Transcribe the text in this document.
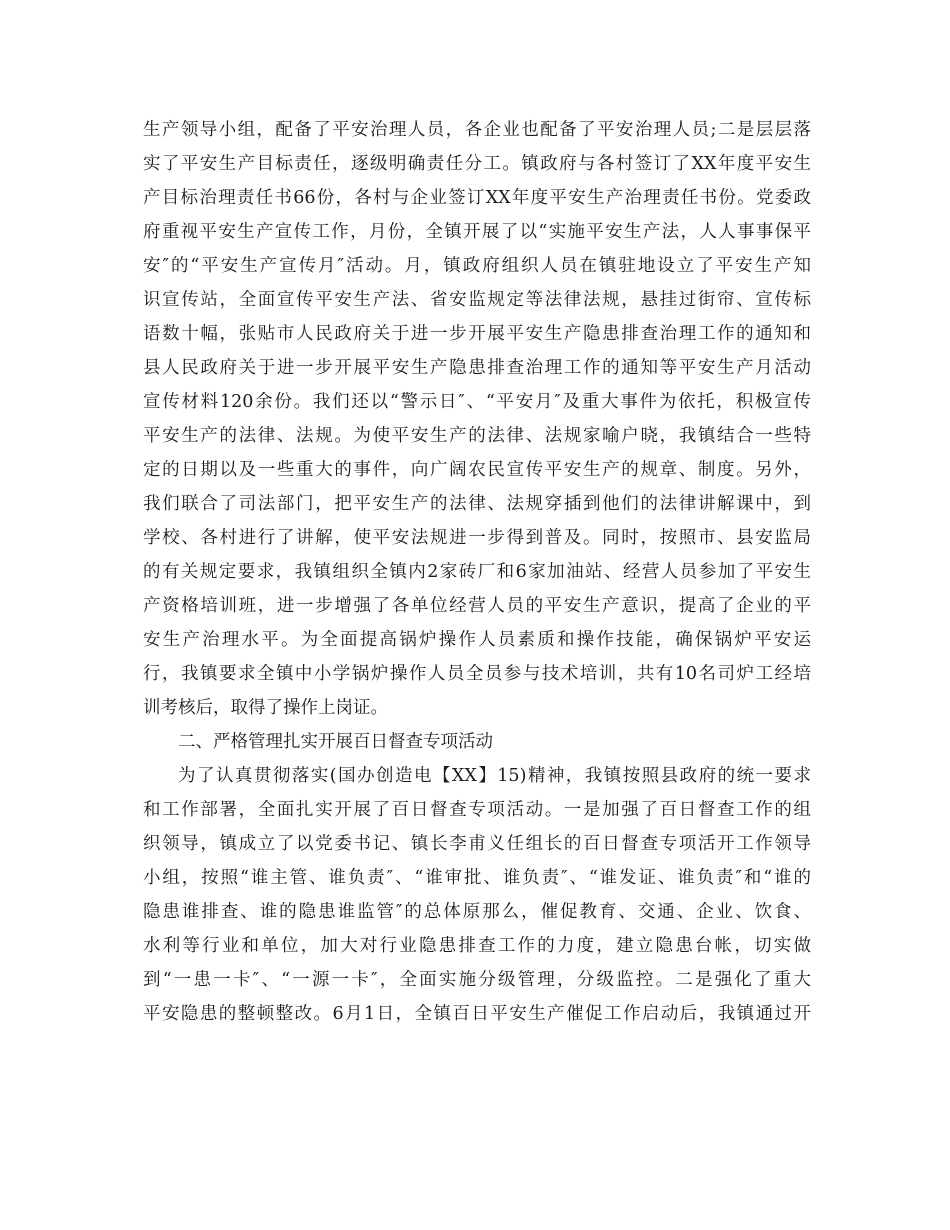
生产领导小组，配备了平安治理人员，各企业也配备了平安治理人员;二是层层落
实了平安生产目标责任，逐级明确责任分工。镇政府与各村签订了XX年度平安生
产目标治理责任书66份，各村与企业签订XX年度平安生产治理责任书份。党委政
府重视平安生产宣传工作，月份，全镇开展了以“实施平安生产法，人人事事保平
安″的“平安生产宣传月″活动。月，镇政府组织人员在镇驻地设立了平安生产知
识宣传站，全面宣传平安生产法、省安监规定等法律法规，悬挂过街帘、宣传标
语数十幅，张贴市人民政府关于进一步开展平安生产隐患排查治理工作的通知和
县人民政府关于进一步开展平安生产隐患排查治理工作的通知等平安生产月活动
宣传材料120余份。我们还以“警示日″、“平安月″及重大事件为依托，积极宣传
平安生产的法律、法规。为使平安生产的法律、法规家喻户晓，我镇结合一些特
定的日期以及一些重大的事件，向广阔农民宣传平安生产的规章、制度。另外，
我们联合了司法部门，把平安生产的法律、法规穿插到他们的法律讲解课中，到
学校、各村进行了讲解，使平安法规进一步得到普及。同时，按照市、县安监局
的有关规定要求，我镇组织全镇内2家砖厂和6家加油站、经营人员参加了平安生
产资格培训班，进一步增强了各单位经营人员的平安生产意识，提高了企业的平
安生产治理水平。为全面提高锅炉操作人员素质和操作技能，确保锅炉平安运
行，我镇要求全镇中小学锅炉操作人员全员参与技术培训，共有10名司炉工经培
训考核后，取得了操作上岗证。
二、严格管理扎实开展百日督查专项活动
为了认真贯彻落实(国办创造电【XX】15)精神，我镇按照县政府的统一要求
和工作部署，全面扎实开展了百日督查专项活动。一是加强了百日督查工作的组
织领导，镇成立了以党委书记、镇长李甫义任组长的百日督查专项活开工作领导
小组，按照“谁主管、谁负责″、“谁审批、谁负责″、“谁发证、谁负责″和“谁的
隐患谁排查、谁的隐患谁监管″的总体原那么，催促教育、交通、企业、饮食、
水利等行业和单位，加大对行业隐患排查工作的力度，建立隐患台帐，切实做
到“一患一卡″、“一源一卡″，全面实施分级管理，分级监控。二是强化了重大
平安隐患的整顿整改。6月1日，全镇百日平安生产催促工作启动后，我镇通过开
